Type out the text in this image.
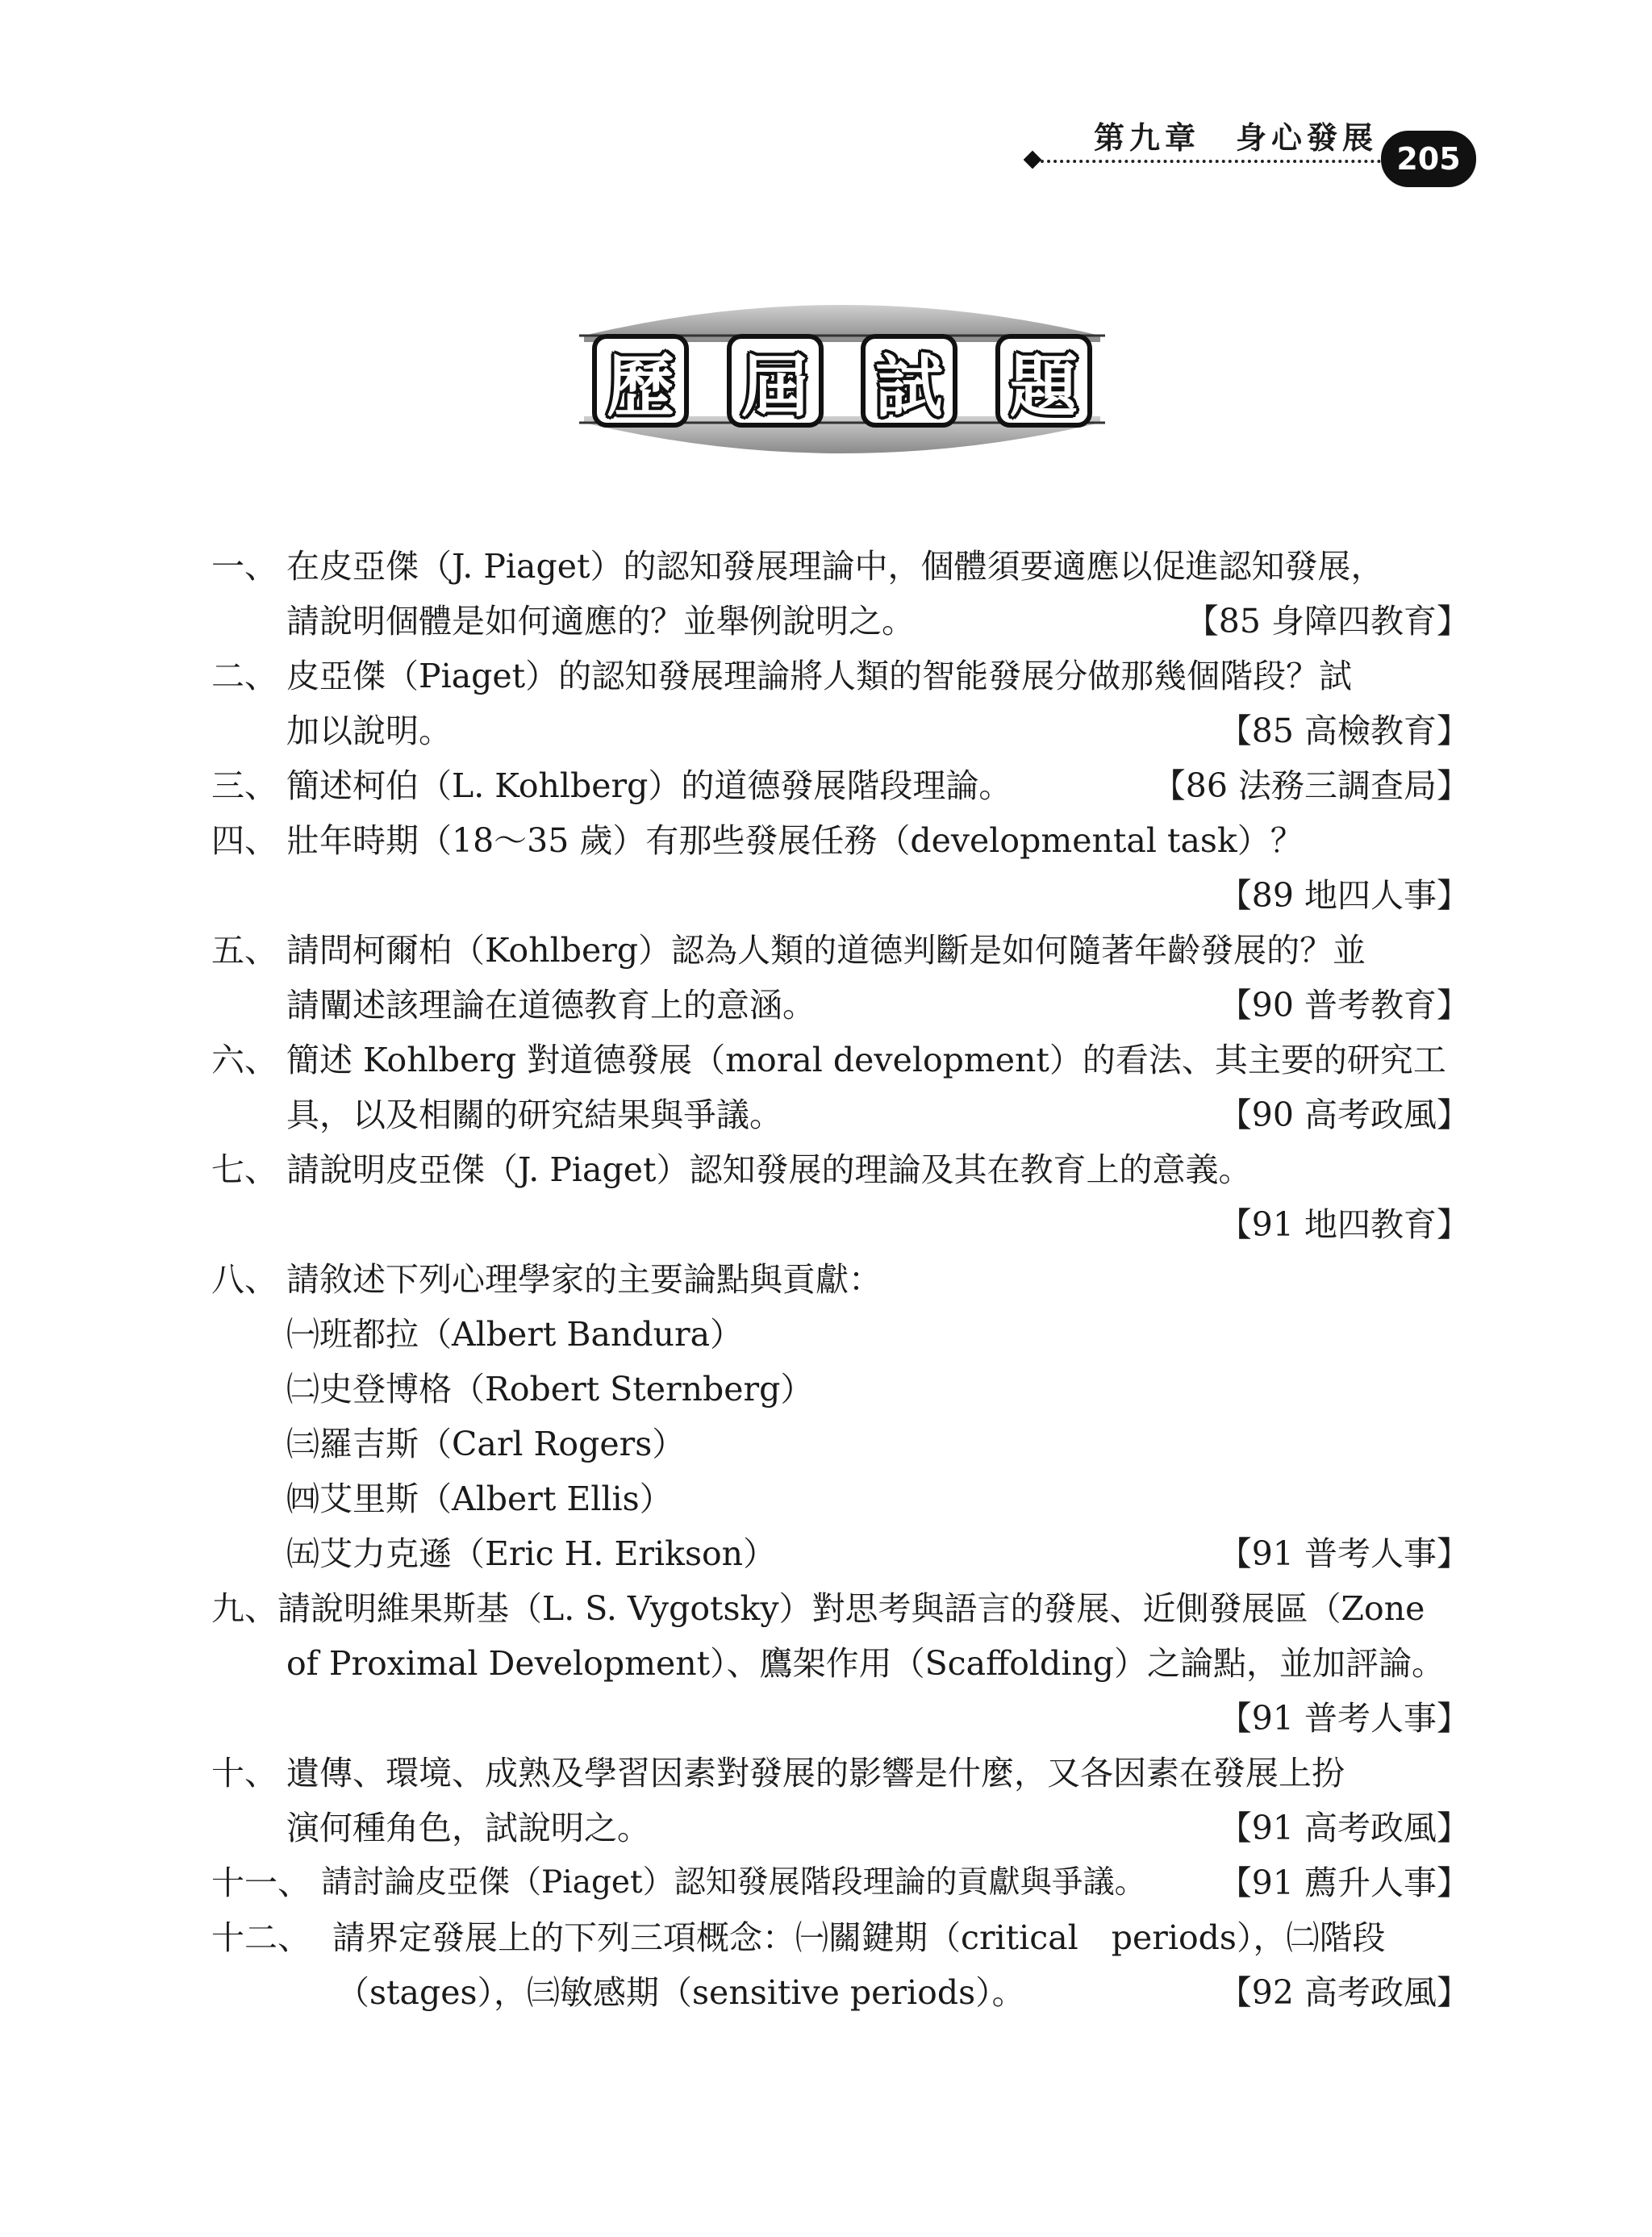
第九章　身心發展
205
歷 屆 試 題
一、 在皮亞傑（J. Piaget）的認知發展理論中，個體須要適應以促進認知發展，
請說明個體是如何適應的？並舉例說明之。	【85 身障四教育】
二、 皮亞傑（Piaget）的認知發展理論將人類的智能發展分做那幾個階段？試
加以說明。	【85 高檢教育】
三、 簡述柯伯（L. Kohlberg）的道德發展階段理論。	【86 法務三調查局】
四、 壯年時期（18～35 歲）有那些發展任務（developmental task）？
【89 地四人事】
五、 請問柯爾柏（Kohlberg）認為人類的道德判斷是如何隨著年齡發展的？並
請闡述該理論在道德教育上的意涵。	【90 普考教育】
六、 簡述 Kohlberg 對道德發展（moral development）的看法、其主要的研究工
具，以及相關的研究結果與爭議。	【90 高考政風】
七、 請說明皮亞傑（J. Piaget）認知發展的理論及其在教育上的意義。
【91 地四教育】
八、 請敘述下列心理學家的主要論點與貢獻：
㈠班都拉（Albert Bandura）
㈡史登博格（Robert Sternberg）
㈢羅吉斯（Carl Rogers）
㈣艾里斯（Albert Ellis）
㈤艾力克遜（Eric H. Erikson）	【91 普考人事】
九、 請說明維果斯基（L. S. Vygotsky）對思考與語言的發展、近側發展區（Zone
of Proximal Development）、鷹架作用（Scaffolding）之論點，並加評論。
【91 普考人事】
十、 遺傳、環境、成熟及學習因素對發展的影響是什麼，又各因素在發展上扮
演何種角色，試說明之。	【91 高考政風】
十一、 請討論皮亞傑（Piaget）認知發展階段理論的貢獻與爭議。 【91 薦升人事】
十二、 請界定發展上的下列三項概念：㈠關鍵期（critical　periods），㈡階段
（stages），㈢敏感期（sensitive periods）。	【92 高考政風】
